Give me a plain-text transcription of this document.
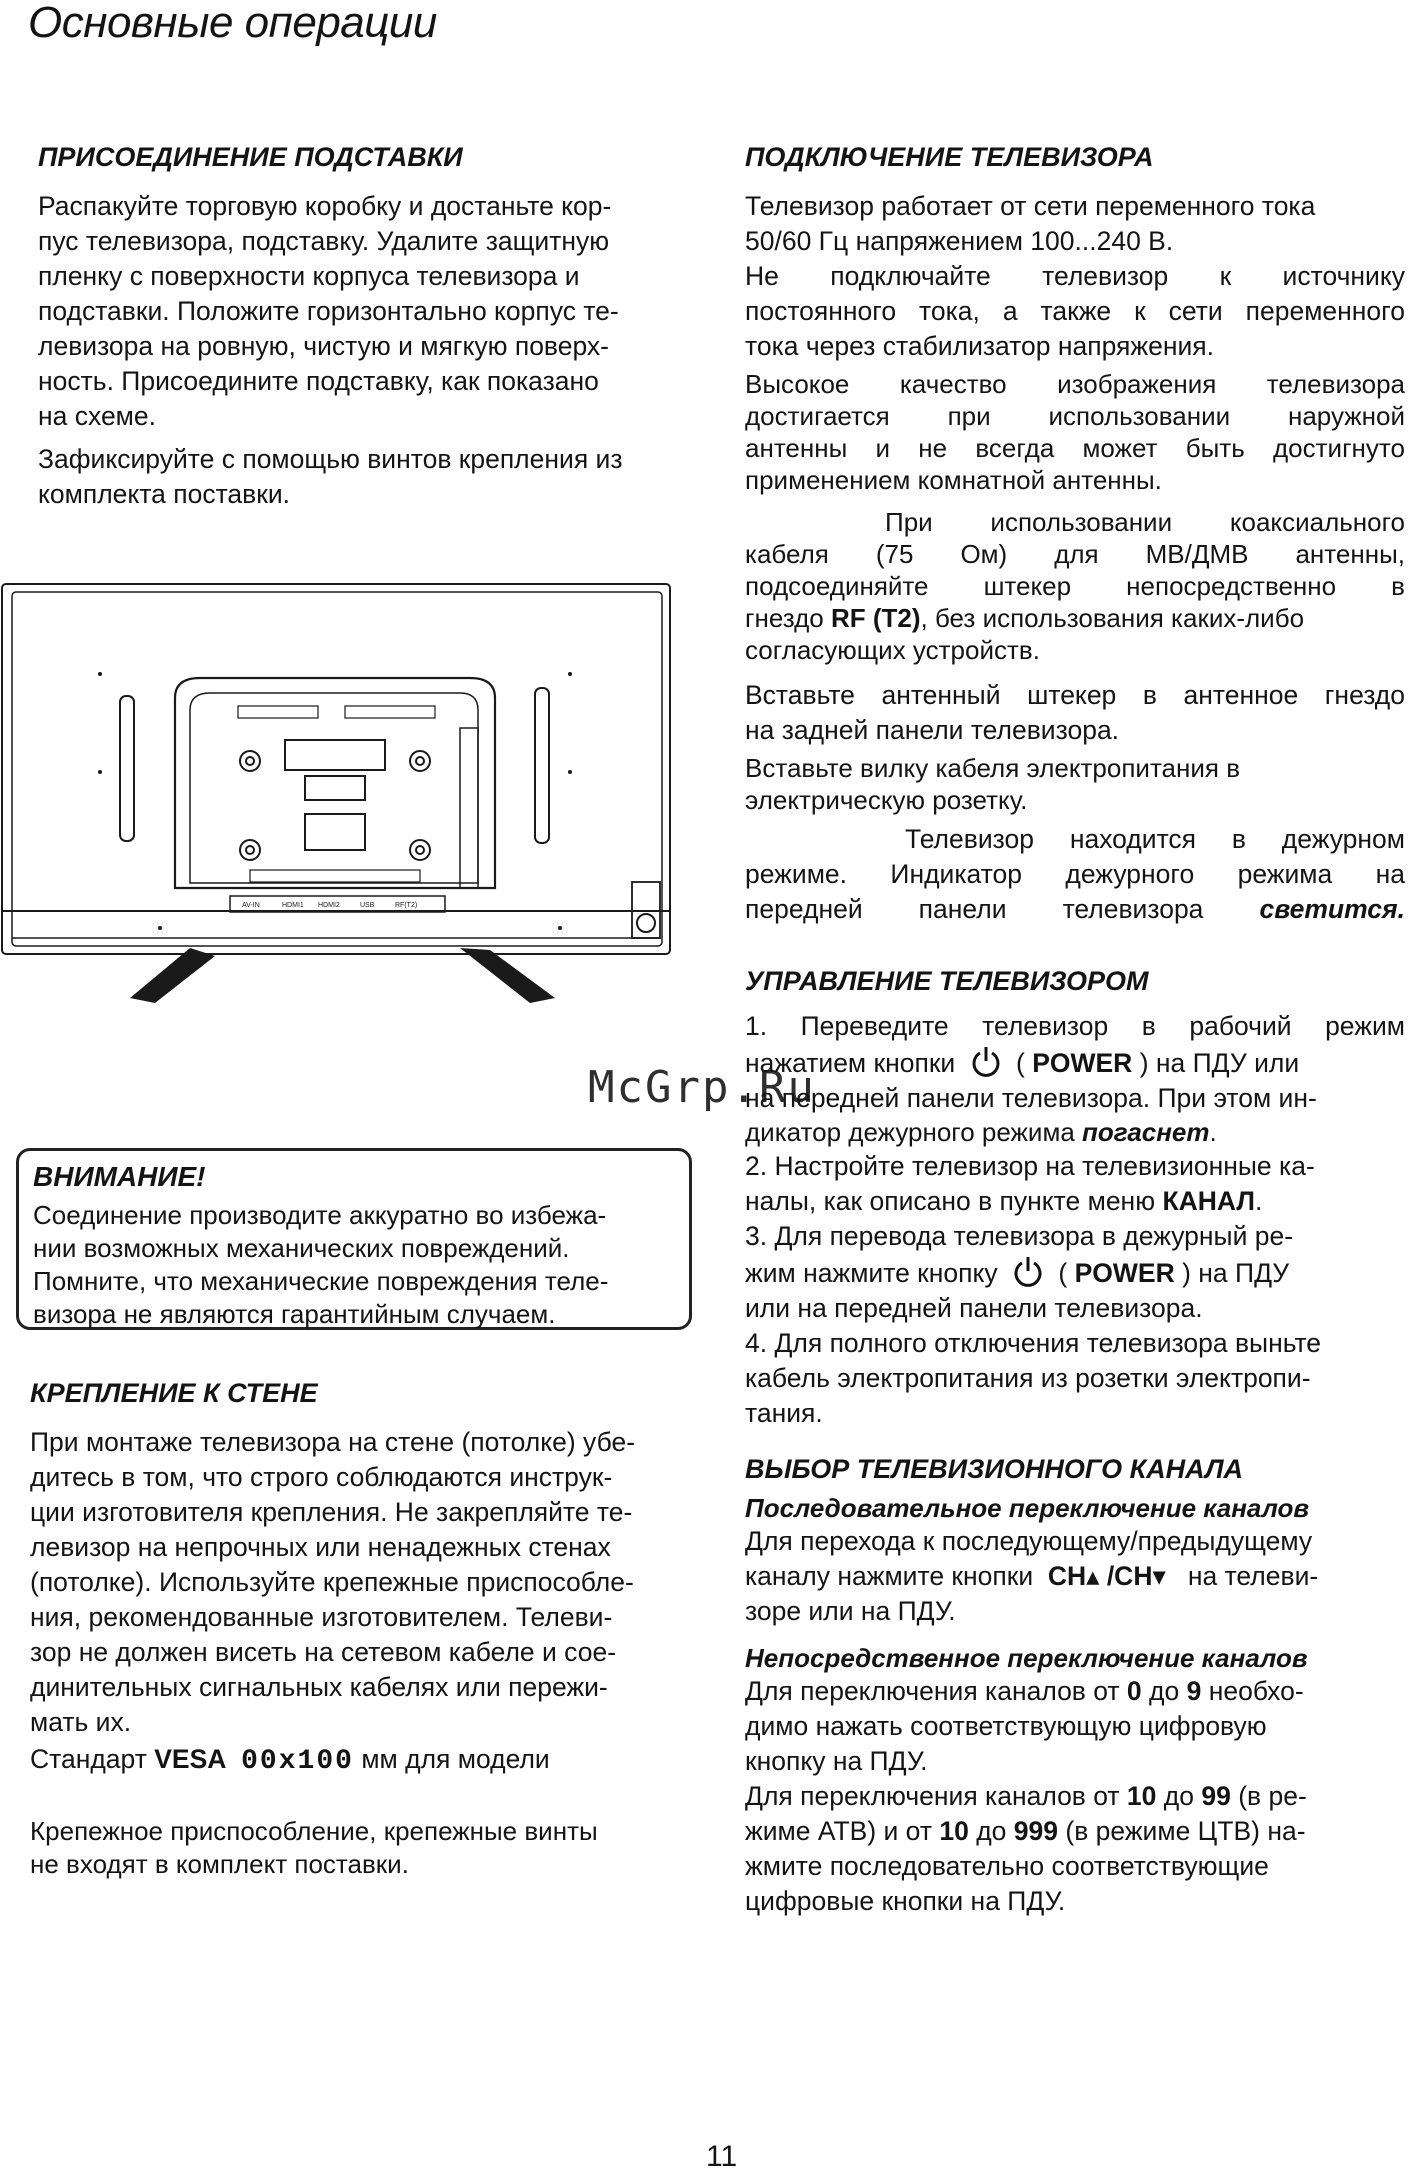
Основные операции

ПРИСОЕДИНЕНИЕ ПОДСТАВКИ

Распакуйте торговую коробку и достаньте кор-

пус телевизора, подставку. Удалите защитную

пленку с поверхности корпуса телевизора и

подставки. Положите горизонтально корпус те-

левизора на ровную, чистую и мягкую поверх-

ность. Присоедините подставку, как показано

на схеме.

Зафиксируйте с помощью винтов крепления из

комплекта поставки.

AV-IN	HDMI1 HDMI2	USB	RF(T2)
McGrp.Ru

ВНИМАНИЕ!

Соединение производите аккуратно во избежа-

нии возможных механических повреждений.

Помните, что механические повреждения теле-

визора не являются гарантийным случаем.

КРЕПЛЕНИЕ К СТЕНЕ

При монтаже телевизора на стене (потолке) убе-

дитесь в том, что строго соблюдаются инструк-

ции изготовителя крепления. Не закрепляйте те-

левизор на непрочных или ненадежных стенах

(потолке). Используйте крепежные приспособле-

ния, рекомендованные изготовителем. Телеви-

зор не должен висеть на сетевом кабеле и сое-

динительных сигнальных кабелях или пережи-

мать их.

Стандарт VESA 00x100 мм для модели

Крепежное приспособление, крепежные винты

не входят в комплект поставки.

ПОДКЛЮЧЕНИЕ ТЕЛЕВИЗОРА

Телевизор работает от сети переменного тока

50/60 Гц напряжением 100...240 В.

Не подключайте телевизор к источнику

постоянного тока, а также к сети переменного

тока через стабилизатор напряжения.

Высокое качество изображения телевизора

достигается при использовании наружной

антенны и не всегда может быть достигнуто

применением комнатной антенны.

При использовании коаксиального

кабеля (75 Ом) для МВ/ДМВ антенны,

подсоединяйте штекер непосредственно в

гнездо RF (T2), без использования каких-либо

согласующих устройств.

Вставьте антенный штекер в антенное гнездо

на задней панели телевизора.

Вставьте вилку кабеля электропитания в

электрическую розетку.

Телевизор находится в дежурном

режиме. Индикатор дежурного режима на

передней панели телевизора светится.

УПРАВЛЕНИЕ ТЕЛЕВИЗОРОМ

1. Переведите телевизор в рабочий режим

нажатием кнопки ( POWER ) на ПДУ или

на передней панели телевизора. При этом ин-

дикатор дежурного режима погаснет.

2. Настройте телевизор на телевизионные ка-

налы, как описано в пункте меню КАНАЛ.

3. Для перевода телевизора в дежурный ре-

жим нажмите кнопку ( POWER ) на ПДУ

или на передней панели телевизора.

4. Для полного отключения телевизора выньте

кабель электропитания из розетки электропи-

тания.

ВЫБОР ТЕЛЕВИЗИОННОГО КАНАЛА

Последовательное переключение каналов

Для перехода к последующему/предыдущему

каналу нажмите кнопки CH▴ /CH▾ на телеви-

зоре или на ПДУ.

Непосредственное переключение каналов

Для переключения каналов от 0 до 9 необхо-

димо нажать соответствующую цифровую

кнопку на ПДУ.

Для переключения каналов от 10 до 99 (в ре-

жиме АТВ) и от 10 до 999 (в режиме ЦТВ) на-

жмите последовательно соответствующие

цифровые кнопки на ПДУ.

11
